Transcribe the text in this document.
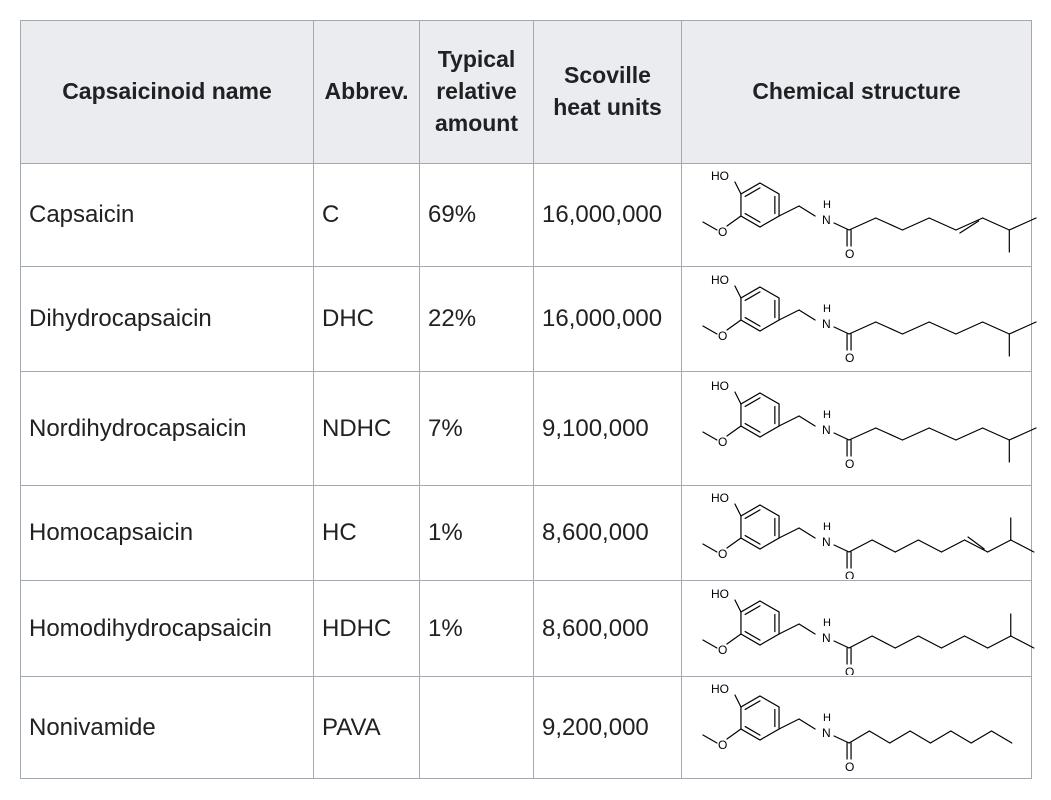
Capsaicinoid name	Abbrev.	Typical relative amount	Scoville heat units	Chemical structure
Capsaicin	C	69%	16,000,000	HO
O
N
H
O

Dihydrocapsaicin	DHC	22%	16,000,000	HO
O
N
H
O

Nordihydrocapsaicin	NDHC	7%	9,100,000	HO
O
N
H
O

Homocapsaicin	HC	1%	8,600,000	HO
O
N
H
O

Homodihydrocapsaicin	HDHC	1%	8,600,000	HO
O
N
H
O

Nonivamide	PAVA		9,200,000	HO
O
N
H
O
